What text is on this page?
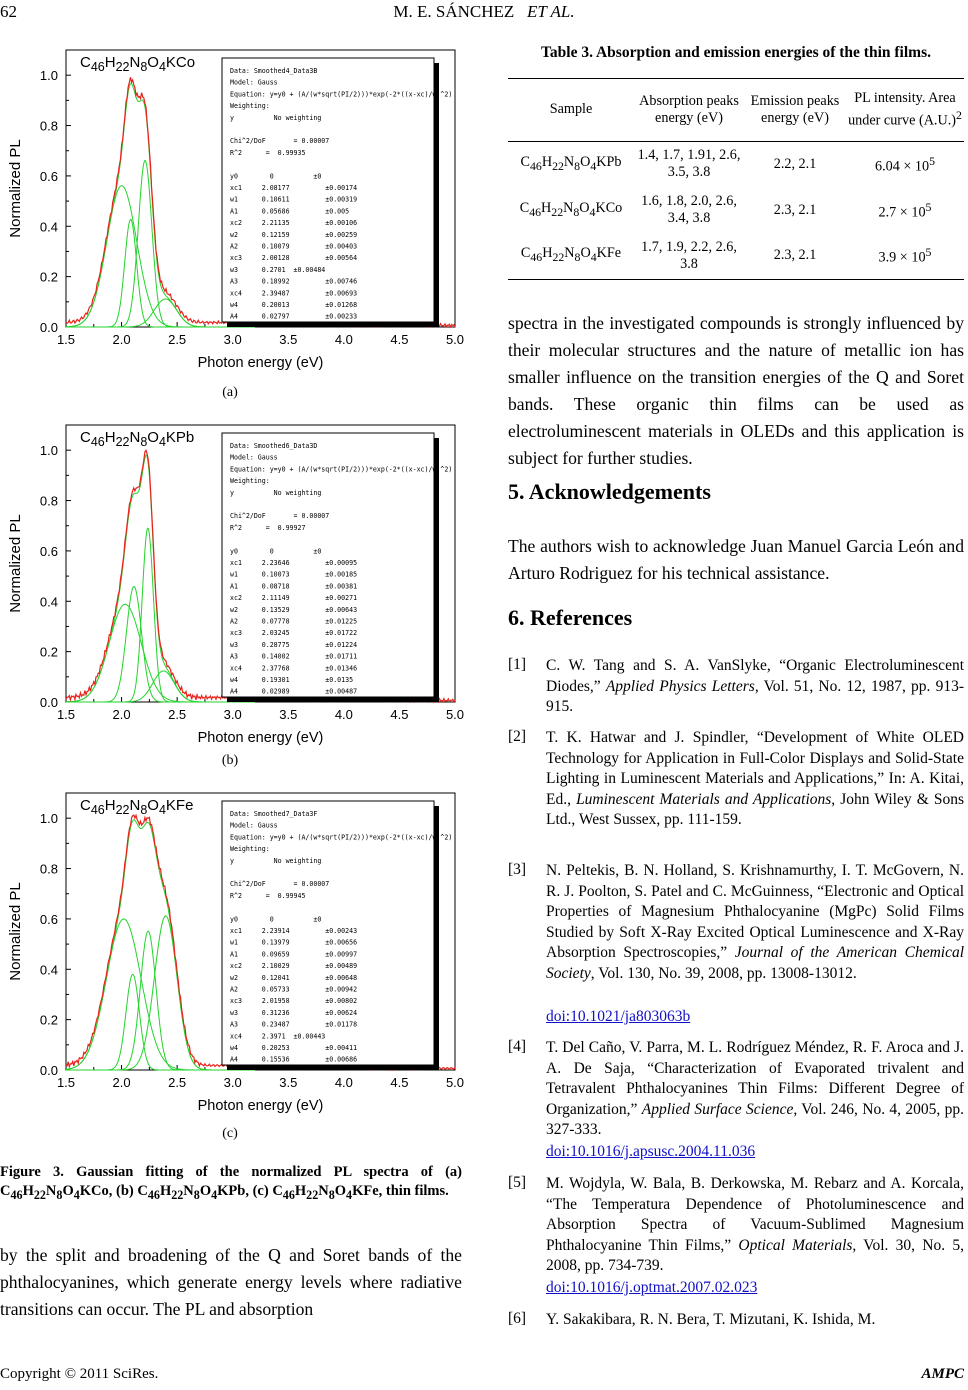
62	M. E. SÁNCHEZ ET AL.
0.0
0.2
0.4
0.6
0.8
1.0
1.5	2.0	2.5	3.0	3.5	4.0	4.5	5.0
Photon energy (eV)
Normalized PL
$C_{46}H_{22}N_8O_4KCo$	Data: Smoothed4_Data3B
Model: Gauss
Equation: y=y0 + (A/(w*sqrt(PI/2)))*exp(-2*((x-xc)/w)^2)
Weighting:
y          No weighting
Chi^2/DoF       = 0.00007
R^2      =  0.99935
y0        0          ±0
xc1     2.08177         ±0.00174
w1      0.10611         ±0.00319
A1      0.05686         ±0.005
xc2     2.21135         ±0.00106
w2      0.12159         ±0.00259
A2      0.10079         ±0.00403
xc3     2.00128         ±0.00564
w3      0.2701  ±0.00484
A3      0.18992         ±0.00746
xc4     2.39487         ±0.00693
w4      0.20013         ±0.01268
A4      0.02797         ±0.00233
(a)
0.0
0.2
0.4
0.6
0.8
1.0
1.5	2.0	2.5	3.0	3.5	4.0	4.5	5.0
Photon energy (eV)
Normalized PL
$C_{46}H_{22}N_8O_4KPb$	Data: Smoothed6_Data3D
Model: Gauss
Equation: y=y0 + (A/(w*sqrt(PI/2)))*exp(-2*((x-xc)/w)^2)
Weighting:
y          No weighting
Chi^2/DoF       = 0.00007
R^2      =  0.99927
y0        0          ±0
xc1     2.23646         ±0.00095
w1      0.10073         ±0.00185
A1      0.08718         ±0.00381
xc2     2.11149         ±0.00271
w2      0.13529         ±0.00643
A2      0.07778         ±0.01225
xc3     2.03245         ±0.01722
w3      0.28775         ±0.01224
A3      0.14002         ±0.01711
xc4     2.37768         ±0.01346
w4      0.19301         ±0.0135
A4      0.02989         ±0.00487
(b)
0.0
0.2
0.4
0.6
0.8
1.0
1.5	2.0	2.5	3.0	3.5	4.0	4.5	5.0
Photon energy (eV)
Normalized PL
$C_{46}H_{22}N_8O_4KFe$	Data: Smoothed7_Data3F
Model: Gauss
Equation: y=y0 + (A/(w*sqrt(PI/2)))*exp(-2*((x-xc)/w)^2)
Weighting:
y          No weighting
Chi^2/DoF       = 0.00007
R^2      =  0.99945
y0        0          ±0
xc1     2.23914         ±0.00243
w1      0.13979         ±0.00656
A1      0.09659         ±0.00997
xc2     2.10029         ±0.00489
w2      0.12041         ±0.00648
A2      0.05733         ±0.00942
xc3     2.01958         ±0.00802
w3      0.31236         ±0.00624
A3      0.23487         ±0.01178
xc4     2.3971  ±0.00443
w4      0.20253         ±0.00411
A4      0.15536         ±0.00686
(c)
Figure 3. Gaussian fitting of the normalized PL spectra of (a) $C_{46}H_{22}N_8O_4KCo$, (b) $C_{46}H_{22}N_8O_4KPb$, (c) $C_{46}H_{22}N_8O_4KFe$, thin films.
by the split and broadening of the Q and Soret bands of the phthalocyanines, which generate energy levels where radiative transitions can occur. The PL and absorption
Table 3. Absorption and emission energies of the thin films.
Sample	Absorption peaks energy (eV)	Emission peaks energy (eV)	PL intensity. Area under curve $(A.U.)^2$
$C_{46}H_{22}N_8O_4KPb$	1.4, 1.7, 1.91, 2.6, 3.5, 3.8	2.2, 2.1	$6.04 \times 10^5$
$C_{46}H_{22}N_8O_4KCo$	1.6, 1.8, 2.0, 2.6, 3.4, 3.8	2.3, 2.1	$2.7 \times 10^5$
$C_{46}H_{22}N_8O_4KFe$	1.7, 1.9, 2.2, 2.6, 3.8	2.3, 2.1	$3.9 \times 10^5$
spectra in the investigated compounds is strongly influenced by their molecular structures and the nature of metallic ion has smaller influence on the transition energies of the Q and Soret bands. These organic thin films can be used as electroluminescent materials in OLEDs and this application is subject for further studies.
5. Acknowledgements
The authors wish to acknowledge Juan Manuel Garcia León and Arturo Rodriguez for his technical assistance.
6. References
[1] C. W. Tang and S. A. VanSlyke, “Organic Electroluminescent Diodes,” Applied Physics Letters, Vol. 51, No. 12, 1987, pp. 913-915.
[2] T. K. Hatwar and J. Spindler, “Development of White OLED Technology for Application in Full-Color Displays and Solid-State Lighting in Luminescent Materials and Applications,” In: A. Kitai, Ed., Luminescent Materials and Applications, John Wiley & Sons Ltd., West Sussex, pp. 111-159.
[3] N. Peltekis, B. N. Holland, S. Krishnamurthy, I. T. McGovern, N. R. J. Poolton, S. Patel and C. McGuinness, “Electronic and Optical Properties of Magnesium Phthalocyanine (MgPc) Solid Films Studied by Soft X-Ray Excited Optical Luminescence and X-Ray Absorption Spectroscopies,” Journal of the American Chemical Society, Vol. 130, No. 39, 2008, pp. 13008-13012.
doi:10.1021/ja803063b
[4] T. Del Caño, V. Parra, M. L. Rodríguez Méndez, R. F. Aroca and J. A. De Saja, “Characterization of Evaporated trivalent and Tetravalent Phthalocyanines Thin Films: Different Degree of Organization,” Applied Surface Science, Vol. 246, No. 4, 2005, pp. 327-333.
doi:10.1016/j.apsusc.2004.11.036
[5] M. Wojdyla, W. Bala, B. Derkowska, M. Rebarz and A. Korcala, “The Temperatura Dependence of Photoluminescence and Absorption Spectra of Vacuum-Sublimed Magnesium Phthalocyanine Thin Films,” Optical Materials, Vol. 30, No. 5, 2008, pp. 734-739.
doi:10.1016/j.optmat.2007.02.023
[6] Y. Sakakibara, R. N. Bera, T. Mizutani, K. Ishida, M.
Copyright © 2011 SciRes.	AMPC
